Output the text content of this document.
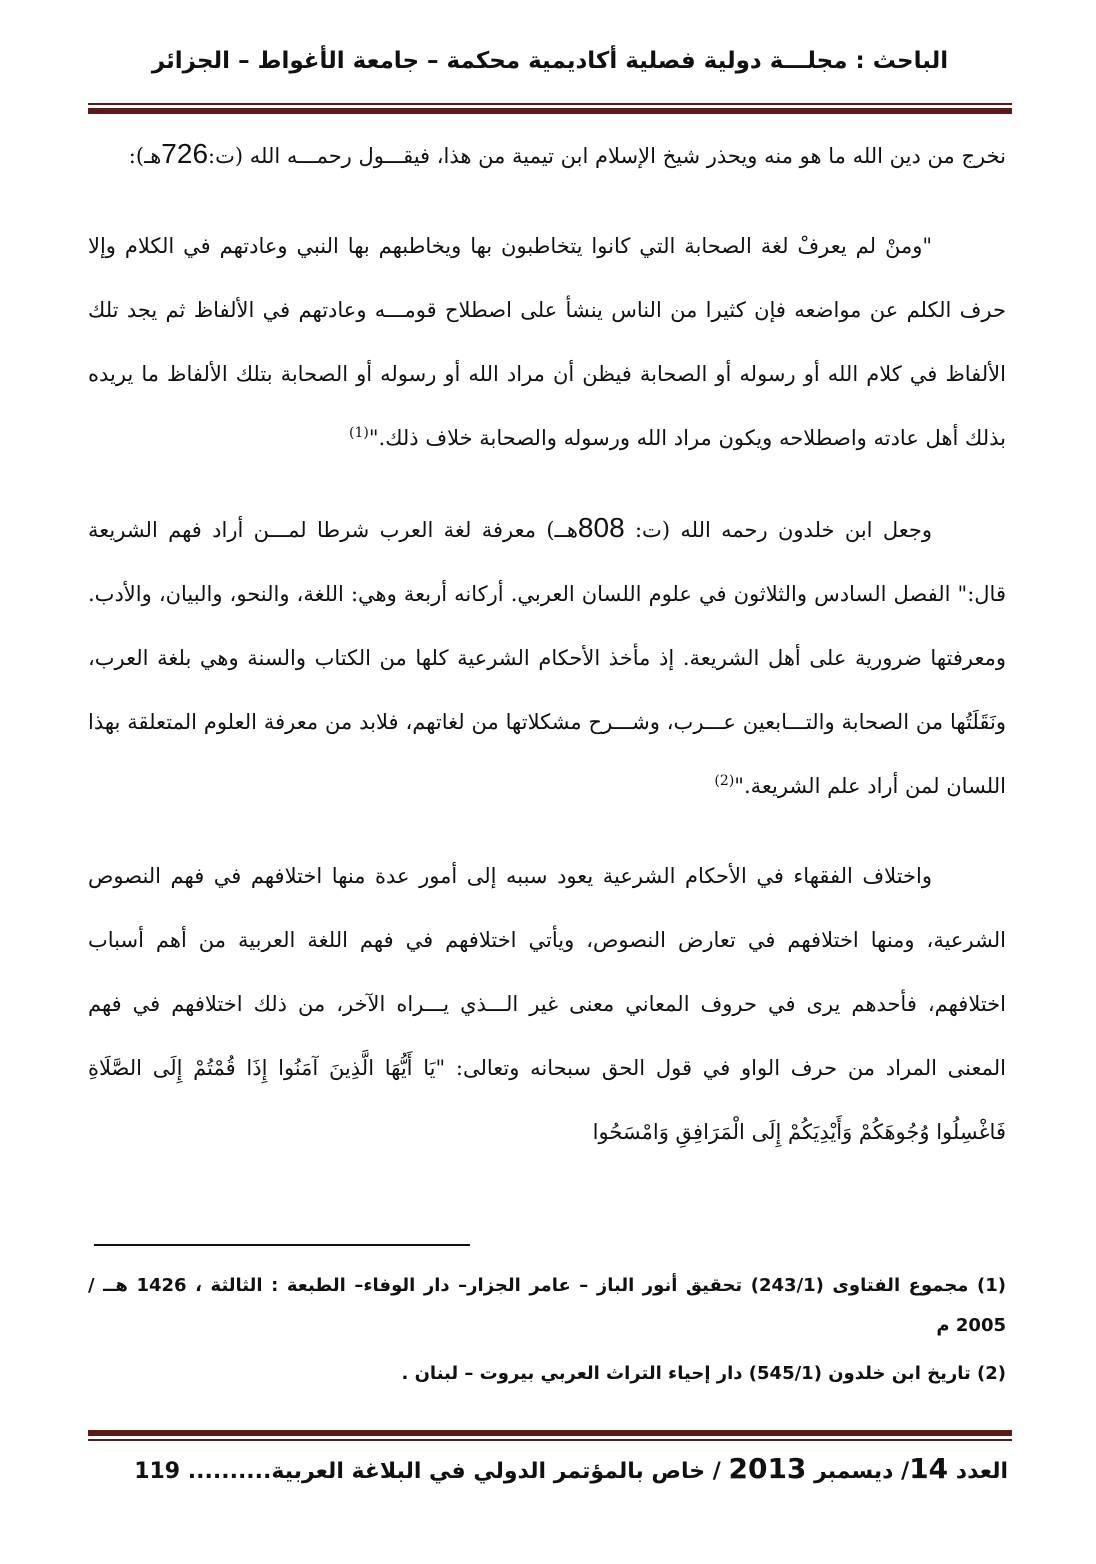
الباحث : مجلـــة دولية فصلية أكاديمية محكمة – جامعة الأغواط – الجزائر

نخرج من دين الله ما هو منه ويحذر شيخ الإسلام ابن تيمية من هذا، فيقـــول رحمـــه الله (ت:726هـ):

"ومنْ لم يعرفْ لغة الصحابة التي كانوا يتخاطبون بها ويخاطبهم بها النبي وعادتهم في الكلام وإلا حرف الكلم عن مواضعه فإن كثيرا من الناس ينشأ على اصطلاح قومـــه وعادتهم في الألفاظ ثم يجد تلك الألفاظ في كلام الله أو رسوله أو الصحابة فيظن أن مراد الله أو رسوله أو الصحابة بتلك الألفاظ ما يريده بذلك أهل عادته واصطلاحه ويكون مراد الله ورسوله والصحابة خلاف ذلك."$^{(1)}$

وجعل ابن خلدون رحمه الله (ت: 808هــ) معرفة لغة العرب شرطا لمـــن أراد فهم الشريعة قال:" الفصل السادس والثلاثون في علوم اللسان العربي. أركانه أربعة وهي: اللغة، والنحو، والبيان، والأدب. ومعرفتها ضرورية على أهل الشريعة. إذ مأخذ الأحكام الشرعية كلها من الكتاب والسنة وهي بلغة العرب، ونَقَلَتُها من الصحابة والتـــابعين عـــرب، وشـــرح مشكلاتها من لغاتهم، فلابد من معرفة العلوم المتعلقة بهذا اللسان لمن أراد علم الشريعة."$^{(2)}$

واختلاف الفقهاء في الأحكام الشرعية يعود سببه إلى أمور عدة منها اختلافهم في فهم النصوص الشرعية، ومنها اختلافهم في تعارض النصوص، ويأتي اختلافهم في فهم اللغة العربية من أهم أسباب اختلافهم، فأحدهم يرى في حروف المعاني معنى غير الـــذي يـــراه الآخر، من ذلك اختلافهم في فهم المعنى المراد من حرف الواو في قول الحق سبحانه وتعالى: "يَا أَيُّهَا الَّذِينَ آمَنُوا إِذَا قُمْتُمْ إِلَى الصَّلَاةِ فَاغْسِلُوا وُجُوهَكُمْ وَأَيْدِيَكُمْ إِلَى الْمَرَافِقِ وَامْسَحُوا

(1) مجموع الفتاوى (243/1) تحقيق أنور الباز – عامر الجزار– دار الوفاء– الطبعة : الثالثة ، 1426 هــ / 2005 م

(2) تاريخ ابن خلدون (545/1) دار إحياء التراث العربي بيروت – لبنان .

العدد 14/ ديسمبر 2013 / خاص بالمؤتمر الدولي في البلاغة العربية.......... 119
